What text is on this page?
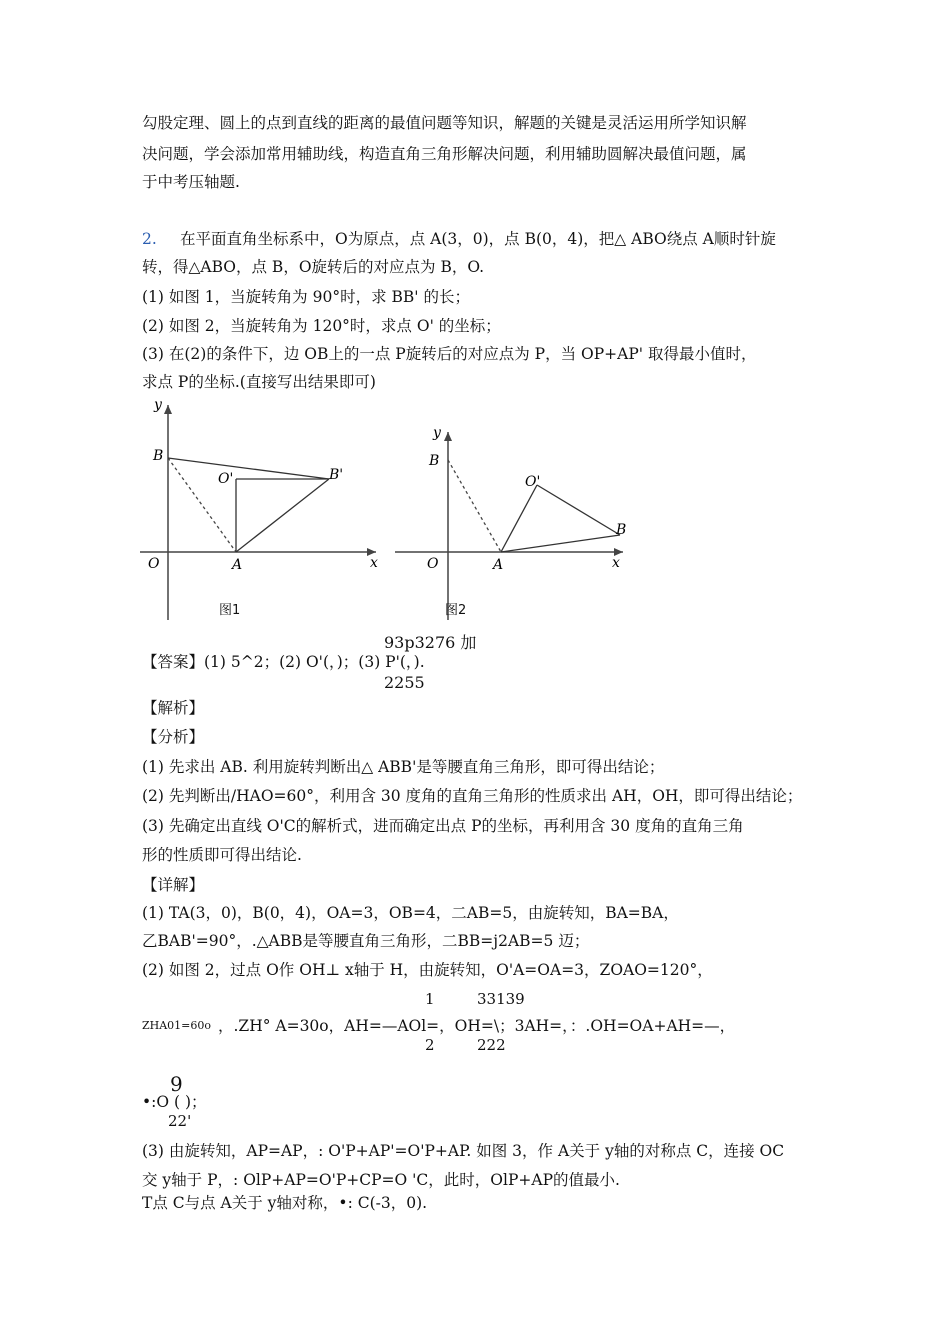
勾股定理、圆上的点到直线的距离的最值问题等知识，解题的关键是灵活运用所学知识解
决问题，学会添加常用辅助线，构造直角三角形解决问题，利用辅助圆解决最值问题，属
于中考压轴题.
2. 在平面直角坐标系中，O为原点，点 A(3，0)，点 B(0，4)，把△ ABO绕点 A顺时针旋
转，得△ABO，点 B，O旋转后的对应点为 B，O.
(1) 如图 1，当旋转角为 90°时，求 BB' 的长；
(2) 如图 2，当旋转角为 120°时，求点 O' 的坐标；
(3) 在(2)的条件下，边 OB上的一点 P旋转后的对应点为 P，当 OP+AP' 取得最小值时，
求点 P的坐标.(直接写出结果即可)
y
x
O	A
B
B'
O'
图1
y
x
O	A
B
B
O'
图2
93p3276 加
【答案】(1) 5^2；(2) O'(，)；(3) P'(，).
2255
【解析】
【分析】
(1) 先求出 AB. 利用旋转判断出△ ABB'是等腰直角三角形，即可得出结论；
(2) 先判断出/HAO=60°，利用含 30 度角的直角三角形的性质求出 AH，OH，即可得出结论；
(3) 先确定出直线 O'C的解析式，进而确定出点 P的坐标，再利用含 30 度角的直角三角
形的性质即可得出结论.
【详解】
(1) TA(3，0)，B(0，4)，OA=3，OB=4，二AB=5，由旋转知，BA=BA，
乙BAB'=90°，.△ABB是等腰直角三角形，二BB=j2AB=5 迈；
(2) 如图 2，过点 O作 OH⊥ x轴于 H，由旋转知，O'A=OA=3，ZOAO=120°，
1	33139
ZHA01=60o ，.ZH° A=30o，AH=—AOl=，OH=\；3AH=，：.OH=OA+AH=—，
2	222
9
•:O ( )；
22'
(3) 由旋转知，AP=AP，: O'P+AP'=O'P+AP. 如图 3，作 A关于 y轴的对称点 C，连接 OC
交 y轴于 P，: OlP+AP=O'P+CP=O 'C，此时，OlP+AP的值最小.
T点 C与点 A关于 y轴对称，•: C(-3，0).
